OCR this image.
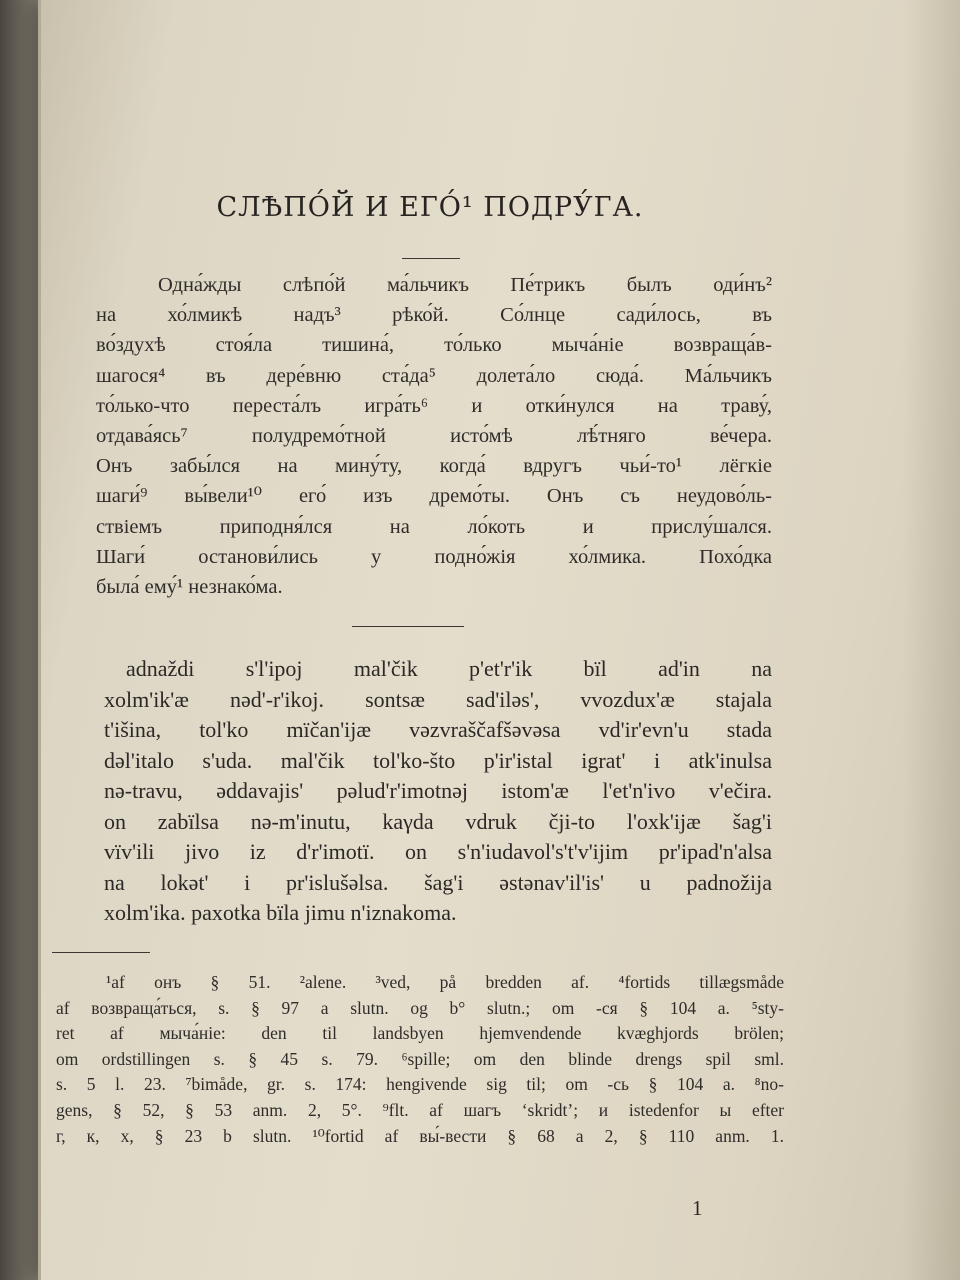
СЛѢПО́Й И ЕГО́¹ ПОДРУ́ГА.
Одна́жды слѣпо́й ма́льчикъ Пе́трикъ былъ оди́нъ²
на хо́лмикѣ надъ³ рѣко́й. Со́лнце сади́лось, въ
во́здухѣ стоя́ла тишина́, то́лько мыча́ніе возвраща́в-
шагося⁴ въ дере́вню ста́да⁵ долета́ло сюда́. Ма́льчикъ
то́лько-что переста́лъ игра́ть⁶ и отки́нулся на траву́,
отдава́ясь⁷ полудремо́тной исто́мѣ лѣ́тняго ве́чера.
Онъ забы́лся на мину́ту, когда́ вдругъ чьи́-то¹ лёгкіе
шаги́⁹ вы́вели¹⁰ его́ изъ дремо́ты. Онъ съ неудово́ль-
ствіемъ приподня́лся на ло́коть и прислу́шался.
Шаги́ останови́лись у подно́жія хо́лмика. Похо́дка
была́ ему́¹ незнако́ма.
adnaždi s'l'ipoj mal'čik p'et'r'ik bïl ad'in na
xolm'ik'æ nəd'-r'ikoj. sontsæ sad'iləs', vvozdux'æ stajala
t'išina, tol'ko mïčan'ijæ vəzvraščafšəvəsa vd'ir'evn'u stada
dəl'italo s'uda. mal'čik tol'ko-što p'ir'istal igrat' i atk'inulsa
nə-travu, əddavajis' pəlud'r'imotnəj istom'æ l'et'n'ivo v'ečira.
on zabïlsa nə-m'inutu, kaγda vdruk čji-to l'oxk'ijæ šag'i
vïv'ili jivo iz d'r'imotï. on s'n'iudavol's't'v'ijim pr'ipad'n'alsa
na lokət' i pr'islušəlsa. šag'i əstənav'il'is' u padnožija
xolm'ika. paxotka bïla jimu n'iznakoma.
¹af онъ § 51. ²alene. ³ved, på bredden af. ⁴fortids tillægsmåde
af возвраща́ться, s. § 97 a slutn. og b° slutn.; om -ся § 104 a. ⁵sty-
ret af мыча́ніе: den til landsbyen hjemvendende kvæghjords brölen;
om ordstillingen s. § 45 s. 79. ⁶spille; om den blinde drengs spil sml.
s. 5 l. 23. ⁷bimåde, gr. s. 174: hengivende sig til; om -сь § 104 a. ⁸no-
gens, § 52, § 53 anm. 2, 5°. ⁹flt. af шагъ ‘skridt’; и istedenfor ы efter
г, к, х, § 23 b slutn. ¹⁰fortid af вы́-вести § 68 a 2, § 110 anm. 1.
1
